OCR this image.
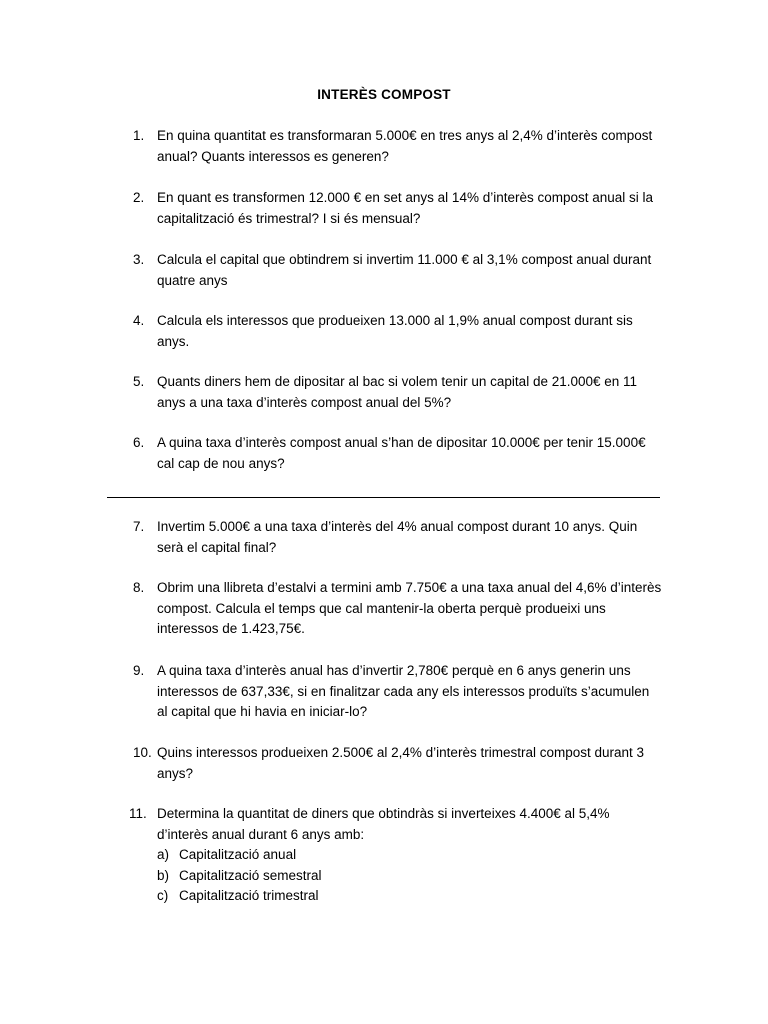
INTERÈS COMPOST
1. En quina quantitat es transformaran 5.000€ en tres anys al 2,4% d’interès compost anual? Quants interessos es generen?
2. En quant es transformen 12.000 € en set anys al 14% d’interès compost anual si la capitalització és trimestral? I si és mensual?
3. Calcula el capital que obtindrem si invertim 11.000 € al 3,1% compost anual durant quatre anys
4. Calcula els interessos que produeixen 13.000 al 1,9% anual compost durant sis anys.
5. Quants diners hem de dipositar al bac si volem tenir un capital de 21.000€ en 11 anys a una taxa d’interès compost anual del 5%?
6. A quina taxa d’interès compost anual s’han de dipositar 10.000€ per tenir 15.000€ cal cap de nou anys?
7. Invertim 5.000€ a una taxa d’interès del 4% anual compost durant 10 anys. Quin serà el capital final?
8. Obrim una llibreta d’estalvi a termini amb 7.750€ a una taxa anual del 4,6% d’interès compost. Calcula el temps que cal mantenir-la oberta perquè produeixi uns interessos de 1.423,75€.
9. A quina taxa d’interès anual has d’invertir 2,780€ perquè en 6 anys generin uns interessos de 637,33€, si en finalitzar cada any els interessos produïts s’acumulen al capital que hi havia en iniciar-lo?
10. Quins interessos produeixen 2.500€ al 2,4% d’interès trimestral compost durant 3 anys?
11. Determina la quantitat de diners que obtindràs si inverteixes 4.400€ al 5,4% d’interès anual durant 6 anys amb:
a) Capitalització anual
b) Capitalització semestral
c) Capitalització trimestral
